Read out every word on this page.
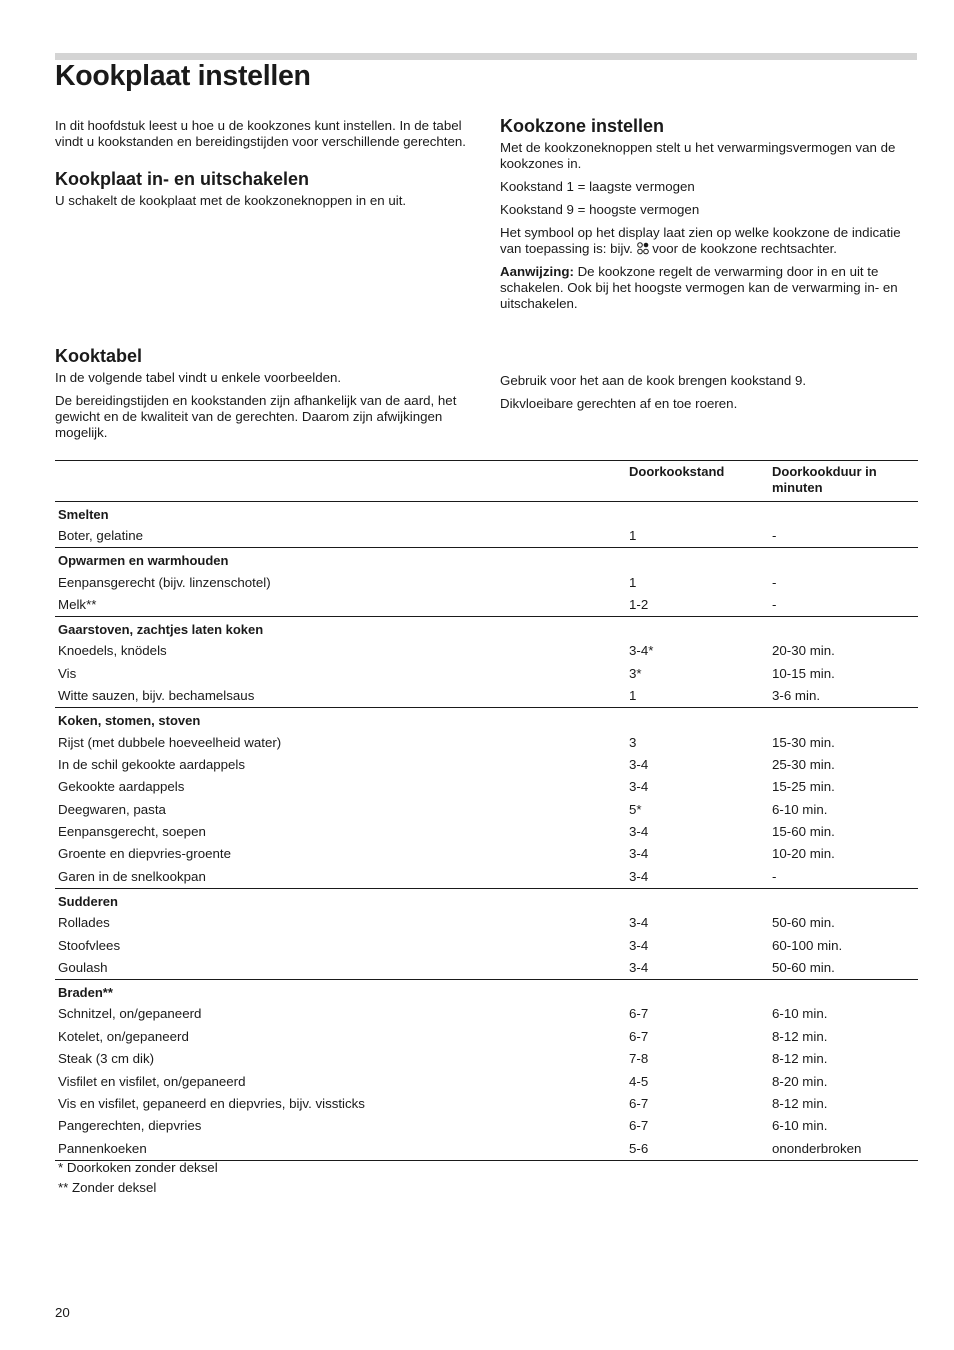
Kookplaat instellen

In dit hoofdstuk leest u hoe u de kookzones kunt instellen. In de tabel vindt u kookstanden en bereidingstijden voor verschillende gerechten.

Kookplaat in- en uitschakelen

U schakelt de kookplaat met de kookzoneknoppen in en uit.

Kookzone instellen

Met de kookzoneknoppen stelt u het verwarmingsvermogen van de kookzones in.

Kookstand 1 = laagste vermogen

Kookstand 9 = hoogste vermogen

Het symbool op het display laat zien op welke kookzone de indicatie van toepassing is: bijv.
voor de kookzone rechtsachter.

Aanwijzing: De kookzone regelt de verwarming door in en uit te schakelen. Ook bij het hoogste vermogen kan de verwarming in- en uitschakelen.

Kooktabel

In de volgende tabel vindt u enkele voorbeelden.

De bereidingstijden en kookstanden zijn afhankelijk van de aard, het gewicht en de kwaliteit van de gerechten. Daarom zijn afwijkingen mogelijk.

Gebruik voor het aan de kook brengen kookstand 9.

Dikvloeibare gerechten af en toe roeren.

	Doorkookstand	Doorkookduur in minuten
Smelten		
Boter, gelatine	1	-
Opwarmen en warmhouden		
Eenpansgerecht (bijv. linzenschotel)	1	-
Melk**	1-2	-
Gaarstoven, zachtjes laten koken		
Knoedels, knödels	3-4*	20-30 min.
Vis	3*	10-15 min.
Witte sauzen, bijv. bechamelsaus	1	3-6 min.
Koken, stomen, stoven		
Rijst (met dubbele hoeveelheid water)	3	15-30 min.
In de schil gekookte aardappels	3-4	25-30 min.
Gekookte aardappels	3-4	15-25 min.
Deegwaren, pasta	5*	6-10 min.
Eenpansgerecht, soepen	3-4	15-60 min.
Groente en diepvries-groente	3-4	10-20 min.
Garen in de snelkookpan	3-4	-
Sudderen		
Rollades	3-4	50-60 min.
Stoofvlees	3-4	60-100 min.
Goulash	3-4	50-60 min.
Braden**		
Schnitzel, on/gepaneerd	6-7	6-10 min.
Kotelet, on/gepaneerd	6-7	8-12 min.
Steak (3 cm dik)	7-8	8-12 min.
Visfilet en visfilet, on/gepaneerd	4-5	8-20 min.
Vis en visfilet, gepaneerd en diepvries, bijv. vissticks	6-7	8-12 min.
Pangerechten, diepvries	6-7	6-10 min.
Pannenkoeken	5-6	ononderbroken
* Doorkoken zonder deksel
** Zonder deksel
20
